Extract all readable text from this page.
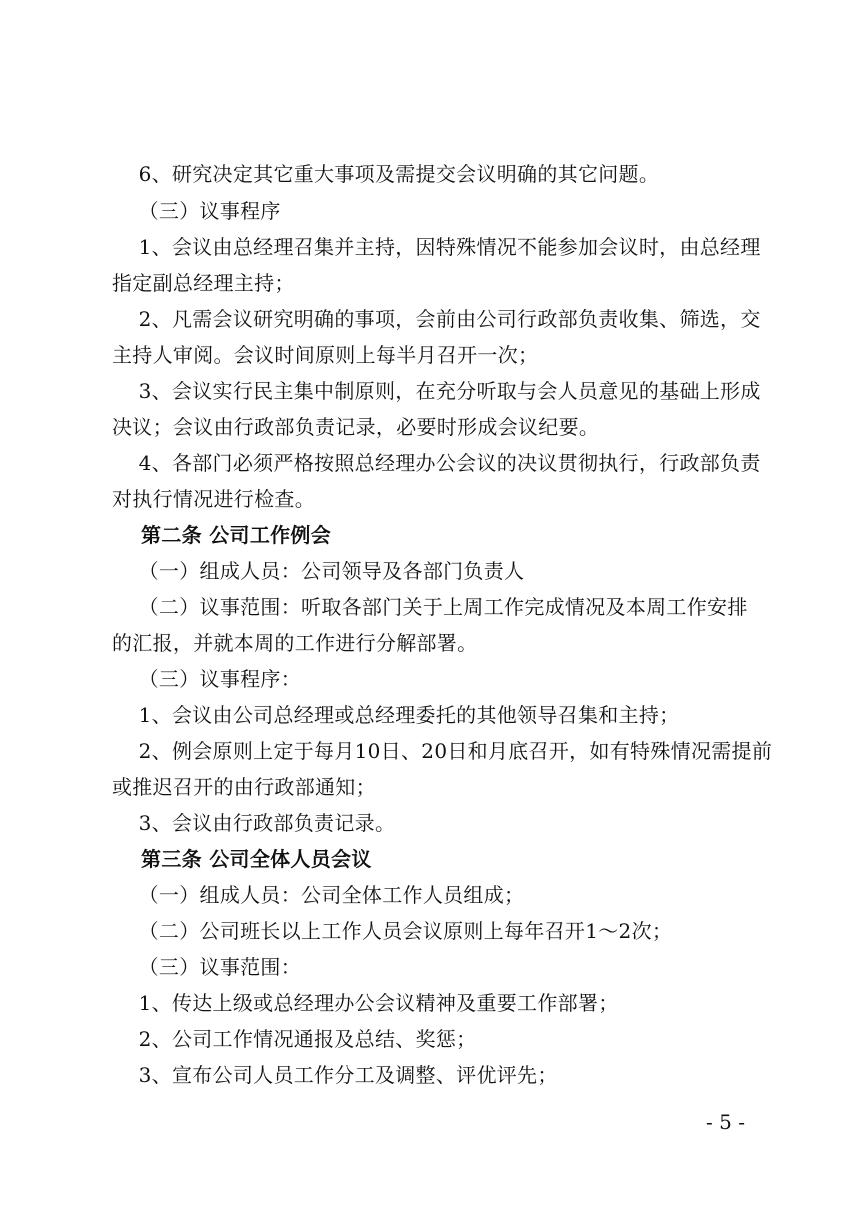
6、研究决定其它重大事项及需提交会议明确的其它问题。
（三）议事程序
1、会议由总经理召集并主持，因特殊情况不能参加会议时，由总经理
指定副总经理主持；
2、凡需会议研究明确的事项，会前由公司行政部负责收集、筛选，交
主持人审阅。会议时间原则上每半月召开一次；
3、会议实行民主集中制原则，在充分听取与会人员意见的基础上形成
决议；会议由行政部负责记录，必要时形成会议纪要。
4、各部门必须严格按照总经理办公会议的决议贯彻执行，行政部负责
对执行情况进行检查。
第二条 公司工作例会
（一）组成人员：公司领导及各部门负责人
（二）议事范围：听取各部门关于上周工作完成情况及本周工作安排
的汇报，并就本周的工作进行分解部署。
（三）议事程序：
1、会议由公司总经理或总经理委托的其他领导召集和主持；
2、例会原则上定于每月10日、20日和月底召开，如有特殊情况需提前
或推迟召开的由行政部通知；
3、会议由行政部负责记录。
第三条 公司全体人员会议
（一）组成人员：公司全体工作人员组成；
（二）公司班长以上工作人员会议原则上每年召开1～2次；
（三）议事范围：
1、传达上级或总经理办公会议精神及重要工作部署；
2、公司工作情况通报及总结、奖惩；
3、宣布公司人员工作分工及调整、评优评先；
- 5 -
